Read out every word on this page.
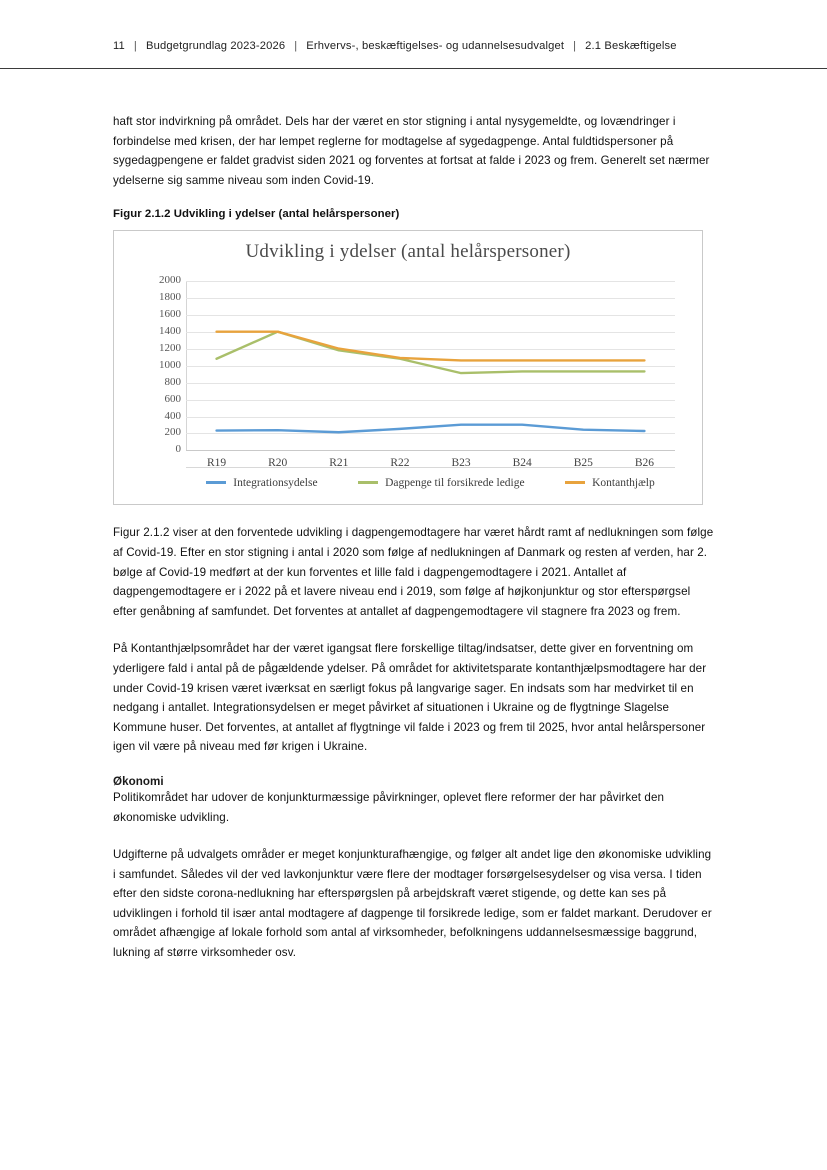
11 | Budgetgrundlag 2023-2026 | Erhvervs-, beskæftigelses- og udannelsesudvalget | 2.1 Beskæftigelse

haft stor indvirkning på området. Dels har der været en stor stigning i antal nysygemeldte, og lovændringer i forbindelse med krisen, der har lempet reglerne for modtagelse af sygedagpenge. Antal fuldtidspersoner på sygedagpengene er faldet gradvist siden 2021 og forventes at fortsat at falde i 2023 og frem. Generelt set nærmer ydelserne sig samme niveau som inden Covid-19.

Figur 2.1.2 Udvikling i ydelser (antal helårspersoner)

Udvikling i ydelser (antal helårspersoner)
0
200
400
600
800
1000
1200
1400
1600
1800
2000
R19	R20	R21	R22	B23	B24	B25	B26
Integrationsydelse	Dagpenge til forsikrede ledige	Kontanthjælp

Figur 2.1.2 viser at den forventede udvikling i dagpengemodtagere har været hårdt ramt af nedlukningen som følge af Covid-19. Efter en stor stigning i antal i 2020 som følge af nedlukningen af Danmark og resten af verden, har 2. bølge af Covid-19 medført at der kun forventes et lille fald i dagpengemodtagere i 2021. Antallet af dagpengemodtagere er i 2022 på et lavere niveau end i 2019, som følge af højkonjunktur og stor efterspørgsel efter genåbning af samfundet. Det forventes at antallet af dagpengemodtagere vil stagnere fra 2023 og frem.

På Kontanthjælpsområdet har der været igangsat flere forskellige tiltag/indsatser, dette giver en forventning om yderligere fald i antal på de pågældende ydelser. På området for aktivitetsparate kontanthjælpsmodtagere har der under Covid-19 krisen været iværksat en særligt fokus på langvarige sager. En indsats som har medvirket til en nedgang i antallet. Integrationsydelsen er meget påvirket af situationen i Ukraine og de flygtninge Slagelse Kommune huser. Det forventes, at antallet af flygtninge vil falde i 2023 og frem til 2025, hvor antal helårspersoner igen vil være på niveau med før krigen i Ukraine.

Økonomi

Politikområdet har udover de konjunkturmæssige påvirkninger, oplevet flere reformer der har påvirket den økonomiske udvikling.

Udgifterne på udvalgets områder er meget konjunkturafhængige, og følger alt andet lige den økonomiske udvikling i samfundet. Således vil der ved lavkonjunktur være flere der modtager forsørgelsesydelser og visa versa. I tiden efter den sidste corona-nedlukning har efterspørgslen på arbejdskraft været stigende, og dette kan ses på udviklingen i forhold til især antal modtagere af dagpenge til forsikrede ledige, som er faldet markant. Derudover er området afhængige af lokale forhold som antal af virksomheder, befolkningens uddannelsesmæssige baggrund, lukning af større virksomheder osv.
